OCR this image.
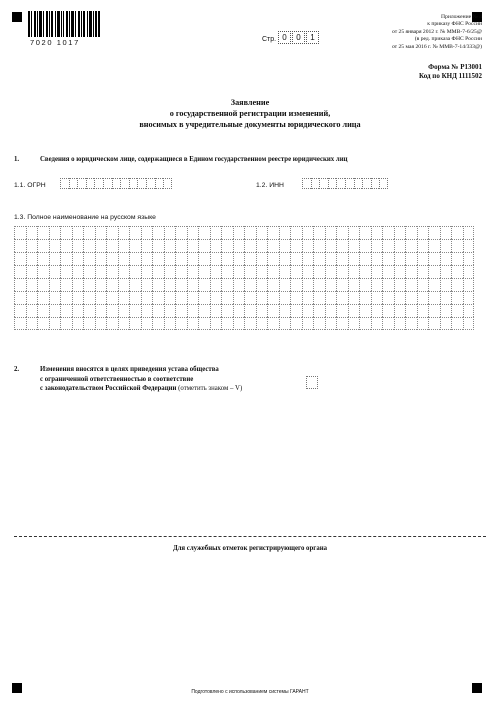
7020 1017	Стр. 0	0	1
Приложение № 4
к приказу ФНС России
от 25 января 2012 г. № ММВ-7-6/25@
(в ред. приказа ФНС России
от 25 мая 2016 г. № ММВ-7-14/333@)
Форма № Р13001
Код по КНД 1111502
Заявление
о государственной регистрации изменений,
вносимых в учредительные документы юридического лица
1.	Сведения о юридическом лице, содержащиеся в Едином государственном реестре юридических лиц
1.1. ОГРН	1.2. ИНН
1.3. Полное наименование на русском языке
2.	Изменения вносятся в целях приведения устава общества
с ограниченной ответственностью в соответствие
с законодательством Российской Федерации (отметить знаком – V)
Для служебных отметок регистрирующего органа
Подготовлено с использованием системы ГАРАНТ
